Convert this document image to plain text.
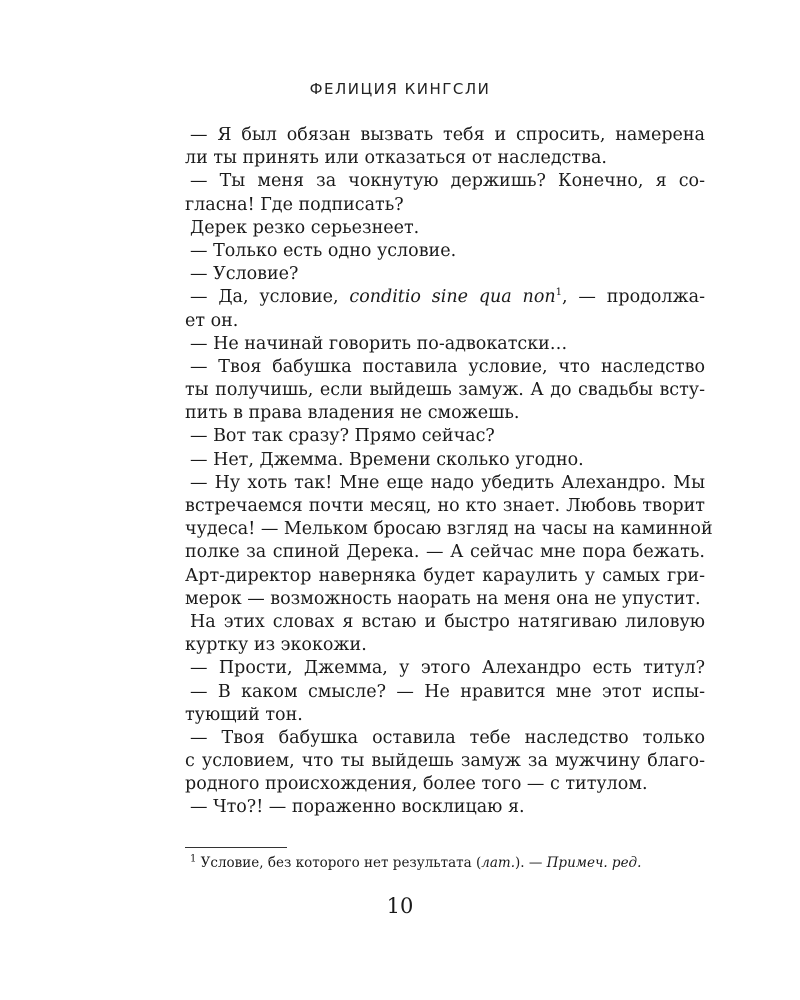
ФЕЛИЦИЯ КИНГСЛИ
— Я был обязан вызвать тебя и спросить, намерена
ли ты принять или отказаться от наследства.
— Ты меня за чокнутую держишь? Конечно, я со-
гласна! Где подписать?
Дерек резко серьезнеет.
— Только есть одно условие.
— Условие?
— Да, условие, conditio sine qua non$^1$, — продолжа-
ет он.
— Не начинай говорить по-адвокатски…
— Твоя бабушка поставила условие, что наследство
ты получишь, если выйдешь замуж. А до свадьбы всту-
пить в права владения не сможешь.
— Вот так сразу? Прямо сейчас?
— Нет, Джемма. Времени сколько угодно.
— Ну хоть так! Мне еще надо убедить Алехандро. Мы
встречаемся почти месяц, но кто знает. Любовь творит
чудеса! — Мельком бросаю взгляд на часы на каминной
полке за спиной Дерека. — А сейчас мне пора бежать.
Арт-директор наверняка будет караулить у самых гри-
мерок — возможность наорать на меня она не упустит.
На этих словах я встаю и быстро натягиваю лиловую
куртку из экокожи.
— Прости, Джемма, у этого Алехандро есть титул?
— В каком смысле? — Не нравится мне этот испы-
тующий тон.
— Твоя бабушка оставила тебе наследство только
с условием, что ты выйдешь замуж за мужчину благо-
родного происхождения, более того — с титулом.
— Что?! — пораженно восклицаю я.
$^1$ Условие, без которого нет результата (лат.). — Примеч. ред.
10
